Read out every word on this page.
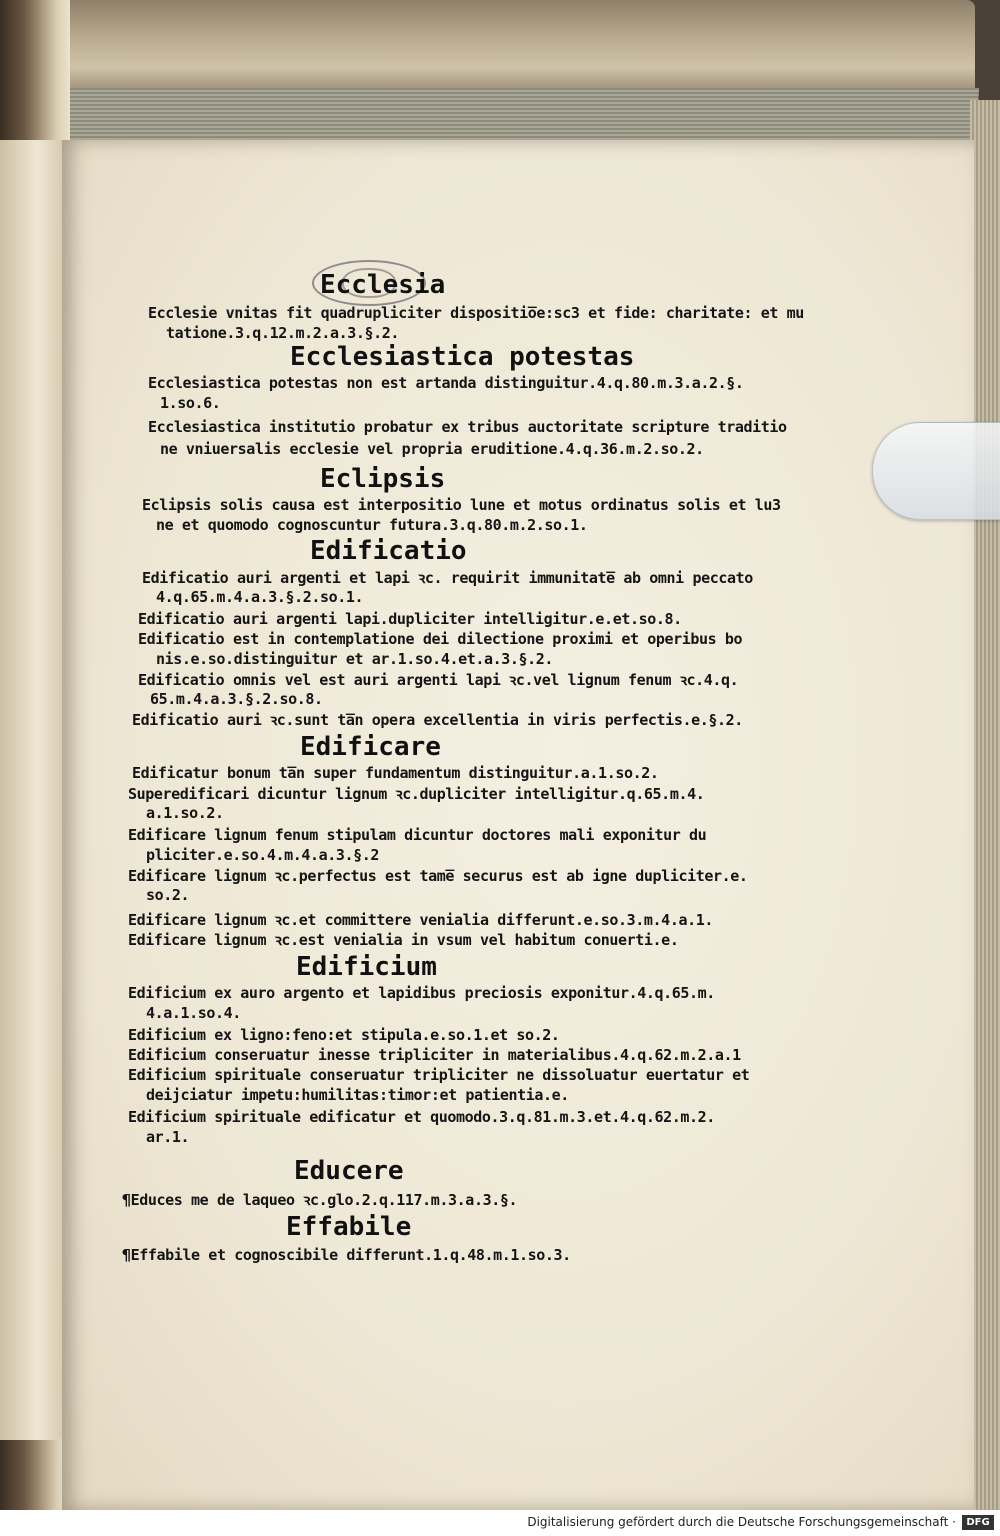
Ecclesia
Ecclesie vnitas fit quadrupliciter dispositio̅e:sc3 et fide: charitate: et mu
tatione.3.q.12.m.2.a.3.§.2.
Ecclesiastica potestas
Ecclesiastica potestas non est artanda distinguitur.4.q.80.m.3.a.2.§.
1.so.6.
Ecclesiastica institutio probatur ex tribus auctoritate scripture traditio
ne vniuersalis ecclesie vel propria eruditione.4.q.36.m.2.so.2.
Eclipsis
Eclipsis solis causa est interpositio lune et motus ordinatus solis et lu3
ne et quomodo cognoscuntur futura.3.q.80.m.2.so.1.
Edificatio
Edificatio auri argenti et lapi ꝛc. requirit immunitate̅ ab omni peccato
4.q.65.m.4.a.3.§.2.so.1.
Edificatio auri argenti lapi.dupliciter intelligitur.e.et.so.8.
Edificatio est in contemplatione dei dilectione proximi et operibus bo
nis.e.so.distinguitur et ar.1.so.4.et.a.3.§.2.
Edificatio omnis vel est auri argenti lapi ꝛc.vel lignum fenum ꝛc.4.q.
65.m.4.a.3.§.2.so.8.
Edificatio auri ꝛc.sunt ta̅n opera excellentia in viris perfectis.e.§.2.
Edificare
Edificatur bonum ta̅n super fundamentum distinguitur.a.1.so.2.
Superedificari dicuntur lignum ꝛc.dupliciter intelligitur.q.65.m.4.
a.1.so.2.
Edificare lignum fenum stipulam dicuntur doctores mali exponitur du
pliciter.e.so.4.m.4.a.3.§.2
Edificare lignum ꝛc.perfectus est tame̅ securus est ab igne dupliciter.e.
so.2.
Edificare lignum ꝛc.et committere venialia differunt.e.so.3.m.4.a.1.
Edificare lignum ꝛc.est venialia in vsum vel habitum conuerti.e.
Edificium
Edificium ex auro argento et lapidibus preciosis exponitur.4.q.65.m.
4.a.1.so.4.
Edificium ex ligno:feno:et stipula.e.so.1.et so.2.
Edificium conseruatur inesse tripliciter in materialibus.4.q.62.m.2.a.1
Edificium spirituale conseruatur tripliciter ne dissoluatur euertatur et
deijciatur impetu:humilitas:timor:et patientia.e.
Edificium spirituale edificatur et quomodo.3.q.81.m.3.et.4.q.62.m.2.
ar.1.
Educere
¶Educes me de laqueo ꝛc.glo.2.q.117.m.3.a.3.§.
Effabile
¶Effabile et cognoscibile differunt.1.q.48.m.1.so.3.
Digitalisierung gefördert durch die Deutsche Forschungsgemeinschaft ·	DFG
